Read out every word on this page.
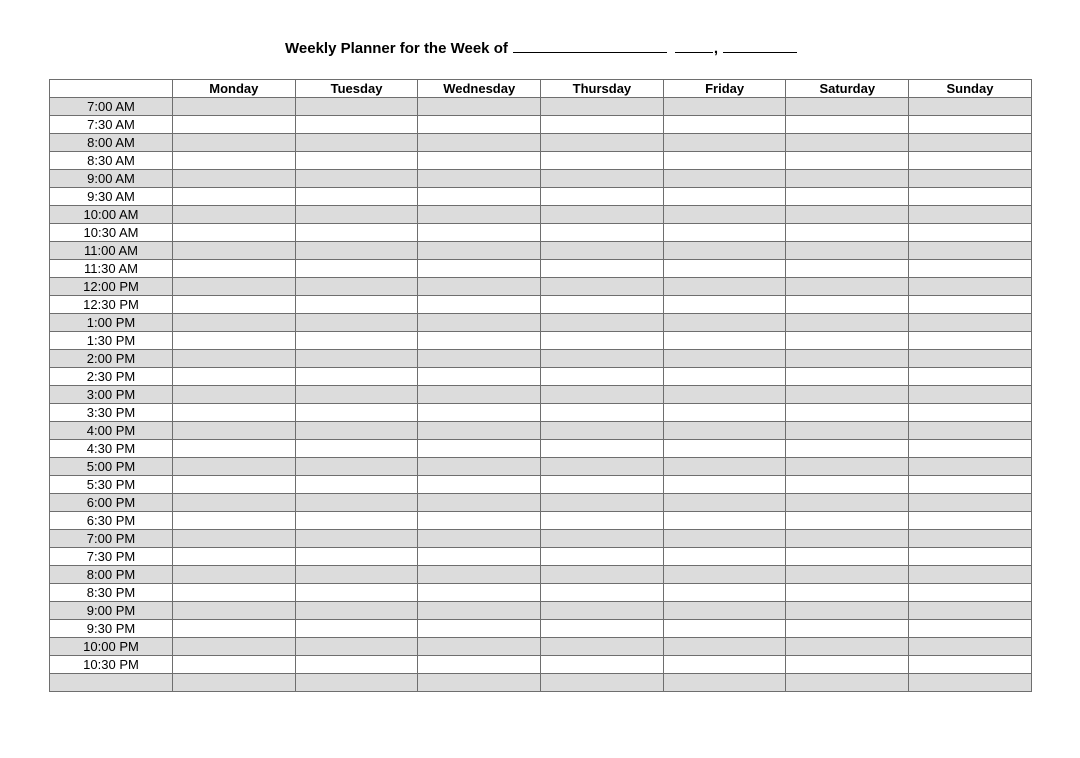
Weekly Planner for the Week of	,
	Monday	Tuesday	Wednesday	Thursday	Friday	Saturday	Sunday
7:00 AM							
7:30 AM							
8:00 AM							
8:30 AM							
9:00 AM							
9:30 AM							
10:00 AM							
10:30 AM							
11:00 AM							
11:30 AM							
12:00 PM							
12:30 PM							
1:00 PM							
1:30 PM							
2:00 PM							
2:30 PM							
3:00 PM							
3:30 PM							
4:00 PM							
4:30 PM							
5:00 PM							
5:30 PM							
6:00 PM							
6:30 PM							
7:00 PM							
7:30 PM							
8:00 PM							
8:30 PM							
9:00 PM							
9:30 PM							
10:00 PM							
10:30 PM							
